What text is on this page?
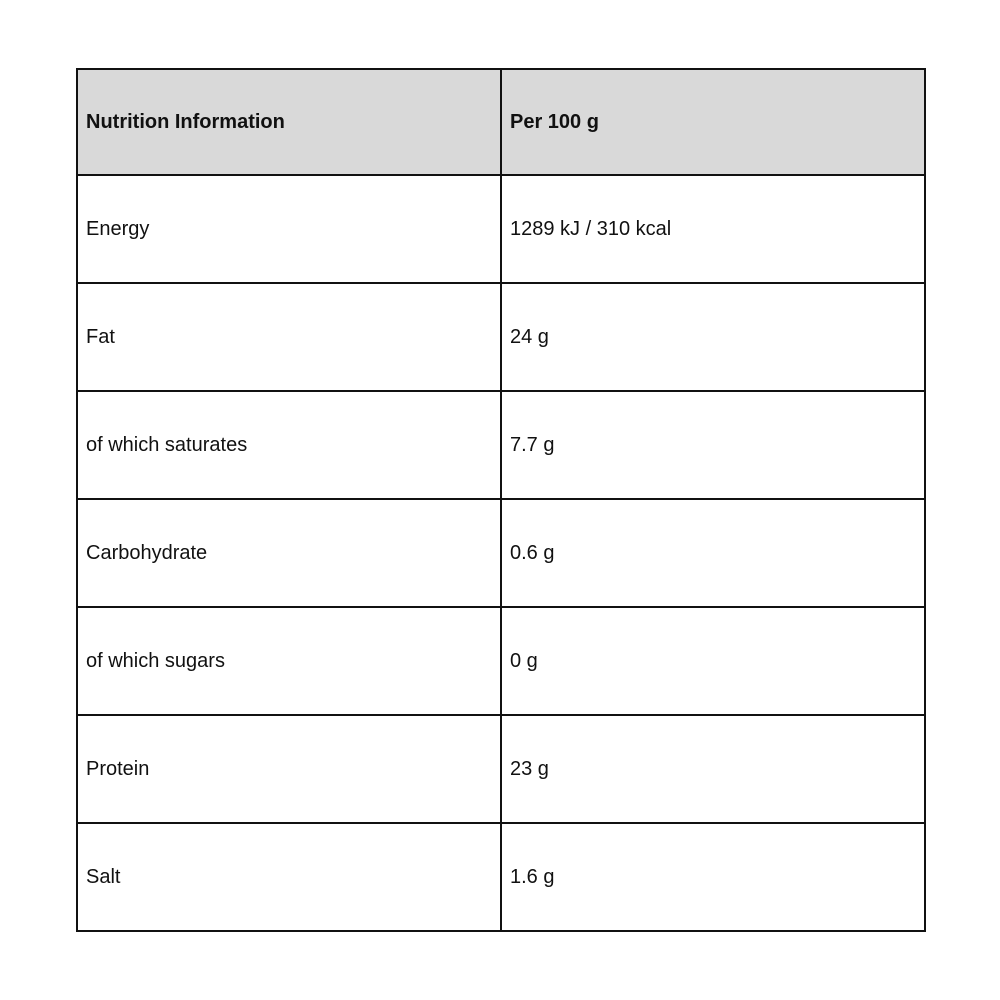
Nutrition Information	Per 100 g
Energy	1289 kJ / 310 kcal
Fat	24 g
of which saturates	7.7 g
Carbohydrate	0.6 g
of which sugars	0 g
Protein	23 g
Salt	1.6 g
